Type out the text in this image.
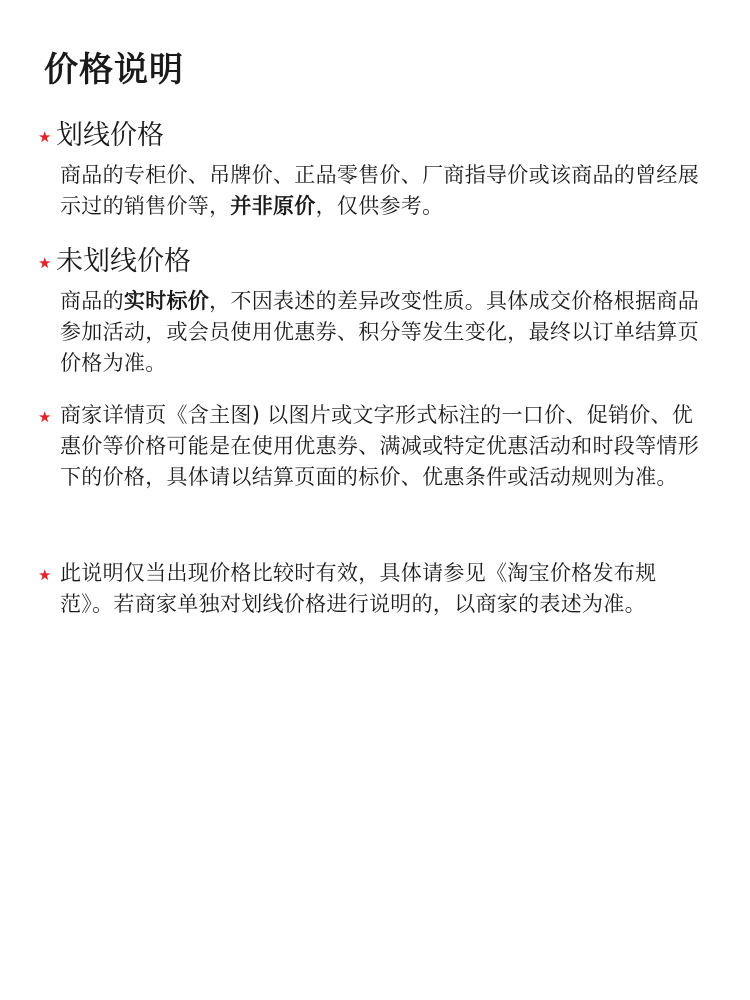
价格说明
★ 划线价格

商品的专柜价、吊牌价、正品零售价、厂商指导价或该商品的曾经展示过的销售价等，并非原价，仅供参考。

★ 未划线价格

商品的实时标价，不因表述的差异改变性质。具体成交价格根据商品参加活动，或会员使用优惠券、积分等发生变化，最终以订单结算页价格为准。

★ 商家详情页《含主图) 以图片或文字形式标注的一口价、促销价、优惠价等价格可能是在使用优惠券、满减或特定优惠活动和时段等情形下的价格，具体请以结算页面的标价、优惠条件或活动规则为准。

★ 此说明仅当出现价格比较时有效，具体请参见《淘宝价格发布规范》。若商家单独对划线价格进行说明的，以商家的表述为准。
